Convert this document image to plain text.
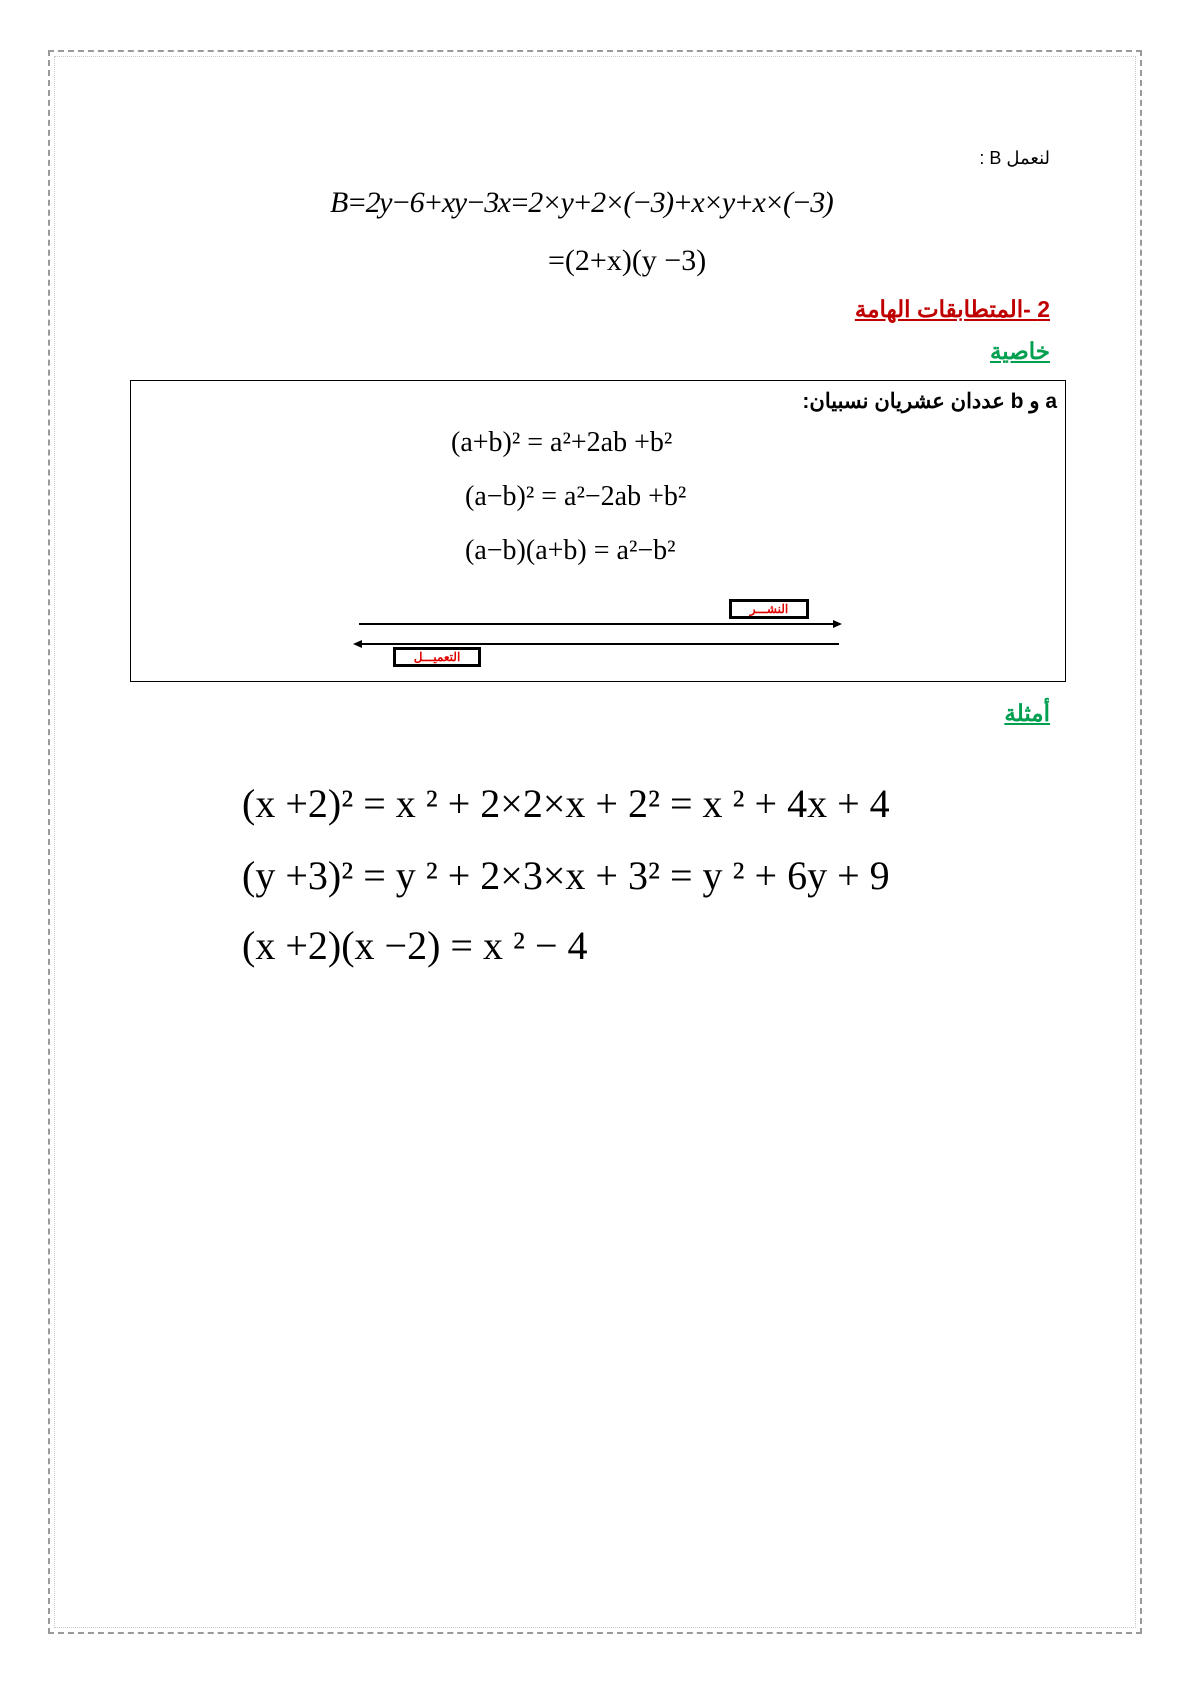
لنعمل B :
B=2y−6+xy−3x=2×y+2×(−3)+x×y+x×(−3)
=(2+x)(y −3)
2 -المتطابقات الهامة
خاصية
a و b عددان عشريان نسبيان:
(a+b)² = a²+2ab +b²
(a−b)² = a²−2ab +b²
(a−b)(a+b) = a²−b²
النشـــر
التعميـــل
أمثلة
(x +2)² = x ² + 2×2×x + 2² = x ² + 4x + 4
(y +3)² = y ² + 2×3×x + 3² = y ² + 6y + 9
(x +2)(x −2) = x ² − 4
